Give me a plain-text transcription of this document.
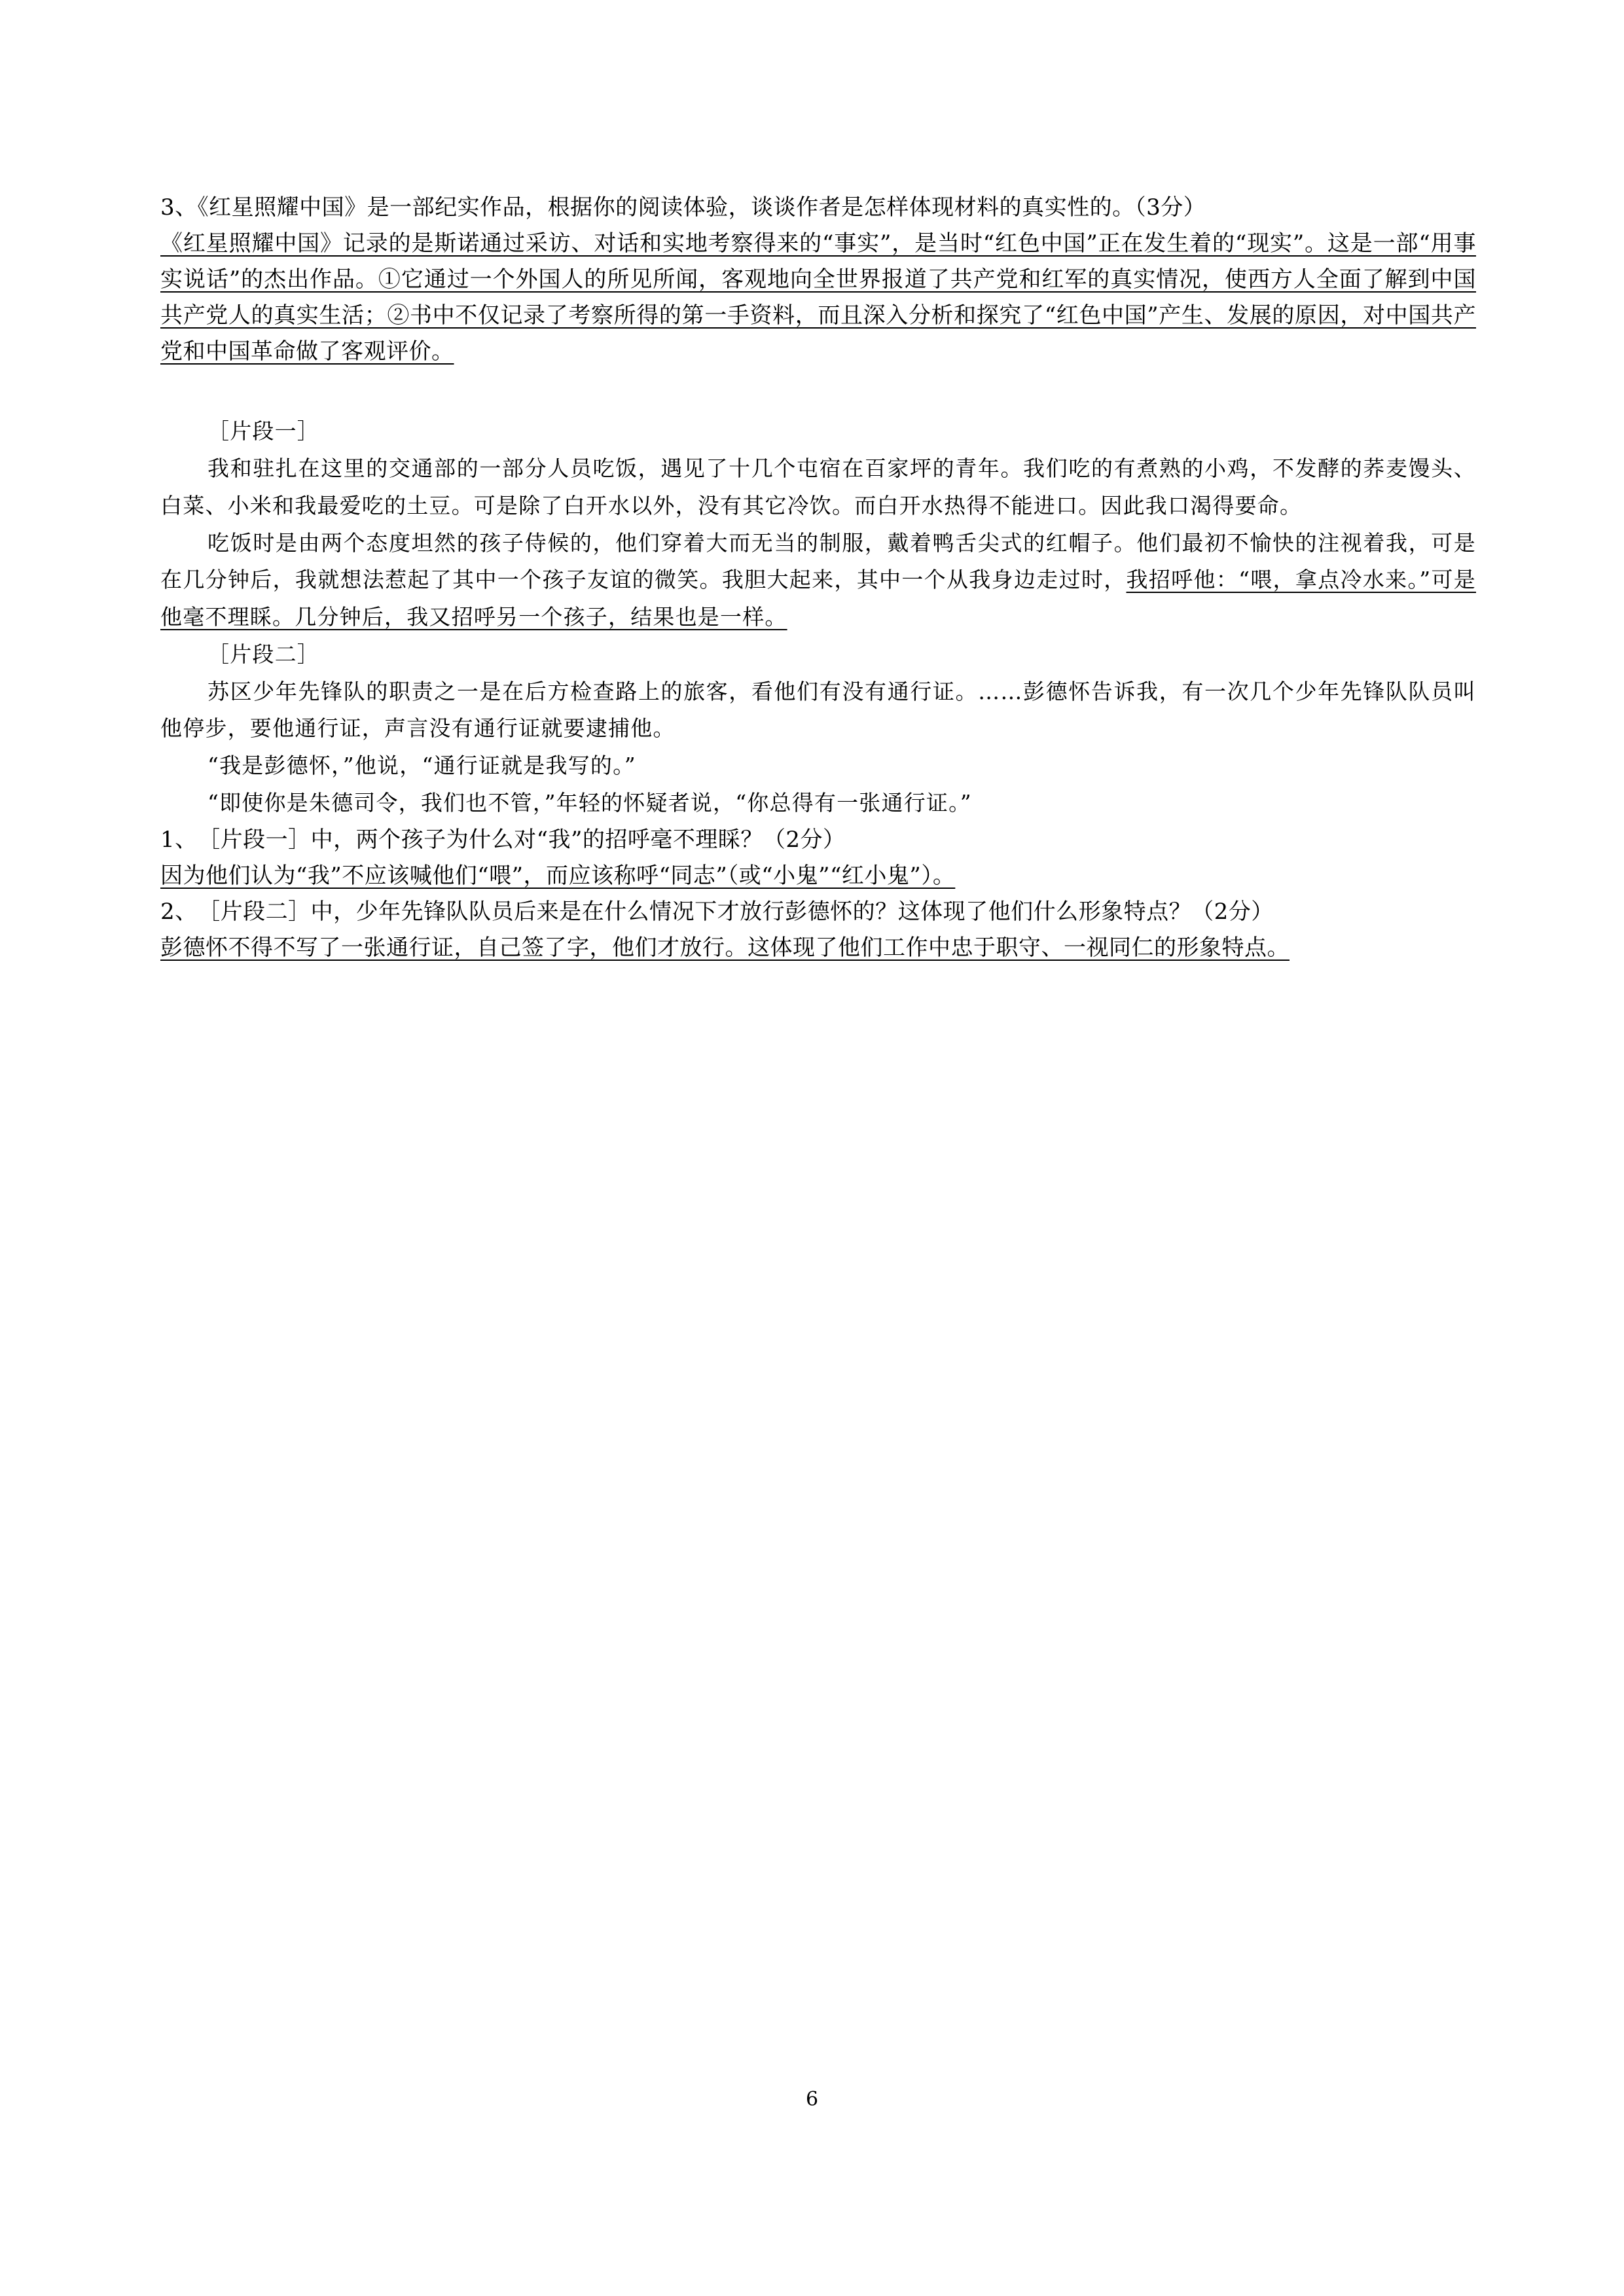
3、《红星照耀中国》是一部纪实作品，根据你的阅读体验，谈谈作者是怎样体现材料的真实性的。（3分）

《红星照耀中国》记录的是斯诺通过采访、对话和实地考察得来的“事实”，是当时“红色中国”正在发生着的“现实”。这是一部“用事实说话”的杰出作品。①它通过一个外国人的所见所闻，客观地向全世界报道了共产党和红军的真实情况，使西方人全面了解到中国共产党人的真实生活；②书中不仅记录了考察所得的第一手资料，而且深入分析和探究了“红色中国”产生、发展的原因，对中国共产党和中国革命做了客观评价。

［片段一］

我和驻扎在这里的交通部的一部分人员吃饭，遇见了十几个屯宿在百家坪的青年。我们吃的有煮熟的小鸡，不发酵的荞麦馒头、白菜、小米和我最爱吃的土豆。可是除了白开水以外，没有其它冷饮。而白开水热得不能进口。因此我口渴得要命。

吃饭时是由两个态度坦然的孩子侍候的，他们穿着大而无当的制服，戴着鸭舌尖式的红帽子。他们最初不愉快的注视着我，可是在几分钟后，我就想法惹起了其中一个孩子友谊的微笑。我胆大起来，其中一个从我身边走过时，我招呼他：“喂，拿点冷水来。”可是他毫不理睬。几分钟后，我又招呼另一个孩子，结果也是一样。

［片段二］

苏区少年先锋队的职责之一是在后方检查路上的旅客，看他们有没有通行证。……彭德怀告诉我，有一次几个少年先锋队队员叫他停步，要他通行证，声言没有通行证就要逮捕他。

“我是彭德怀，”他说，“通行证就是我写的。”

“即使你是朱德司令，我们也不管，”年轻的怀疑者说，“你总得有一张通行证。”

1、　［片段一］中，两个孩子为什么对“我”的招呼毫不理睬？（2分）

因为他们认为“我”不应该喊他们“喂”，而应该称呼“同志”（或“小鬼”“红小鬼”）。

2、　［片段二］中，少年先锋队队员后来是在什么情况下才放行彭德怀的？这体现了他们什么形象特点？（2分）

彭德怀不得不写了一张通行证，自己签了字，他们才放行。这体现了他们工作中忠于职守、一视同仁的形象特点。

6
